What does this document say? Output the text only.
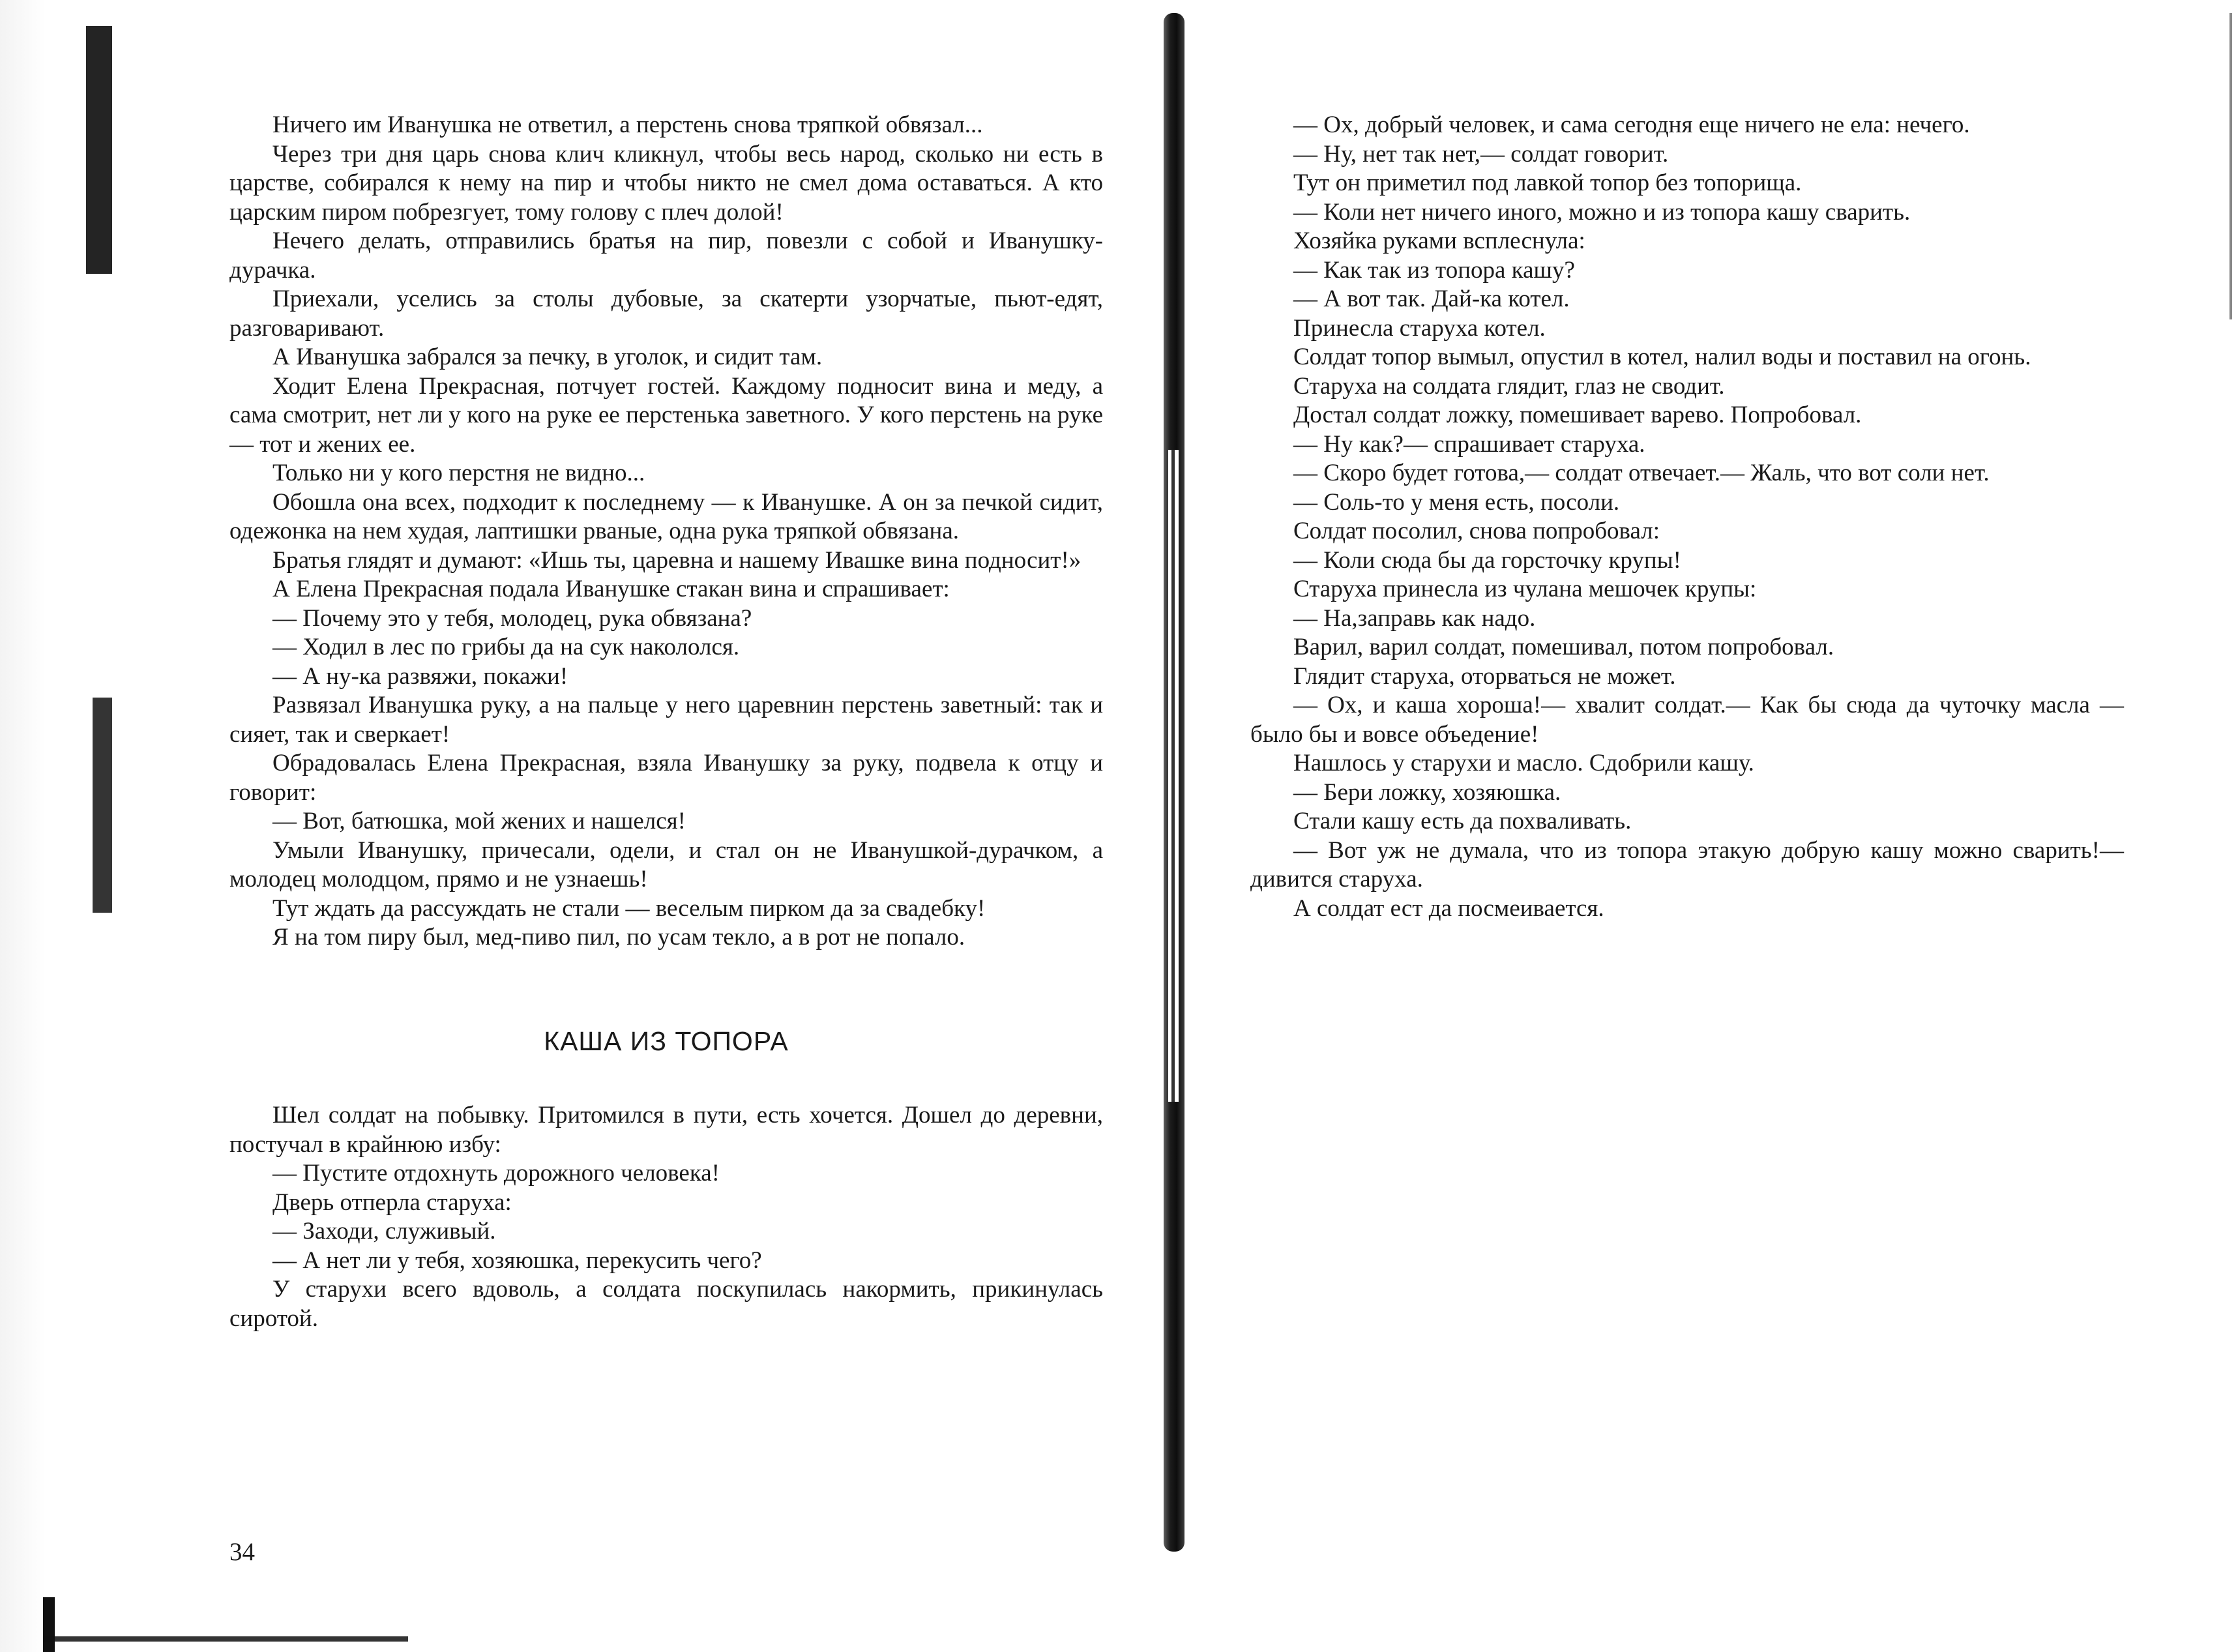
Ничего им Иванушка не ответил, а перстень снова тряпкой обвязал...

Через три дня царь снова клич кликнул, чтобы весь народ, сколько ни есть в царстве, собирался к нему на пир и чтобы никто не смел дома оставаться. А кто царским пиром побрезгует, тому голову с плеч долой!

Нечего делать, отправились братья на пир, повезли с собой и Иванушку-дурачка.

Приехали, уселись за столы дубовые, за скатерти узорчатые, пьют-едят, разговаривают.

А Иванушка забрался за печку, в уголок, и сидит там.

Ходит Елена Прекрасная, потчует гостей. Каждому подносит вина и меду, а сама смотрит, нет ли у кого на руке ее перстенька заветного. У кого перстень на руке — тот и жених ее.

Только ни у кого перстня не видно...

Обошла она всех, подходит к последнему — к Иванушке. А он за печкой сидит, одежонка на нем худая, лаптишки рваные, одна рука тряпкой обвязана.

Братья глядят и думают: «Ишь ты, царевна и нашему Ивашке вина подносит!»

А Елена Прекрасная подала Иванушке стакан вина и спрашивает:

— Почему это у тебя, молодец, рука обвязана?

— Ходил в лес по грибы да на сук накололся.

— А ну-ка развяжи, покажи!

Развязал Иванушка руку, а на пальце у него царевнин перстень заветный: так и сияет, так и сверкает!

Обрадовалась Елена Прекрасная, взяла Иванушку за руку, подвела к отцу и говорит:

— Вот, батюшка, мой жених и нашелся!

Умыли Иванушку, причесали, одели, и стал он не Иванушкой-дурачком, а молодец молодцом, прямо и не узнаешь!

Тут ждать да рассуждать не стали — веселым пирком да за свадебку!

Я на том пиру был, мед-пиво пил, по усам текло, а в рот не попало.

КАША ИЗ ТОПОРА

Шел солдат на побывку. Притомился в пути, есть хочется. Дошел до деревни, постучал в крайнюю избу:

— Пустите отдохнуть дорожного человека!

Дверь отперла старуха:

— Заходи, служивый.

— А нет ли у тебя, хозяюшка, перекусить чего?

У старухи всего вдоволь, а солдата поскупилась накормить, прикинулась сиротой.

34

— Ох, добрый человек, и сама сегодня еще ничего не ела: нечего.

— Ну, нет так нет,— солдат говорит.

Тут он приметил под лавкой топор без топорища.

— Коли нет ничего иного, можно и из топора кашу сварить.

Хозяйка руками всплеснула:

— Как так из топора кашу?

— А вот так. Дай-ка котел.

Принесла старуха котел.

Солдат топор вымыл, опустил в котел, налил воды и поставил на огонь.

Старуха на солдата глядит, глаз не сводит.

Достал солдат ложку, помешивает варево. Попробовал.

— Ну как?— спрашивает старуха.

— Скоро будет готова,— солдат отвечает.— Жаль, что вот соли нет.

— Соль-то у меня есть, посоли.

Солдат посолил, снова попробовал:

— Коли сюда бы да горсточку крупы!

Старуха принесла из чулана мешочек крупы:

— На,заправь как надо.

Варил, варил солдат, помешивал, потом попробовал.

Глядит старуха, оторваться не может.

— Ох, и каша хороша!— хвалит солдат.— Как бы сюда да чуточку масла — было бы и вовсе объедение!

Нашлось у старухи и масло. Сдобрили кашу.

— Бери ложку, хозяюшка.

Стали кашу есть да похваливать.

— Вот уж не думала, что из топора этакую добрую кашу можно сварить!— дивится старуха.

А солдат ест да посмеивается.
